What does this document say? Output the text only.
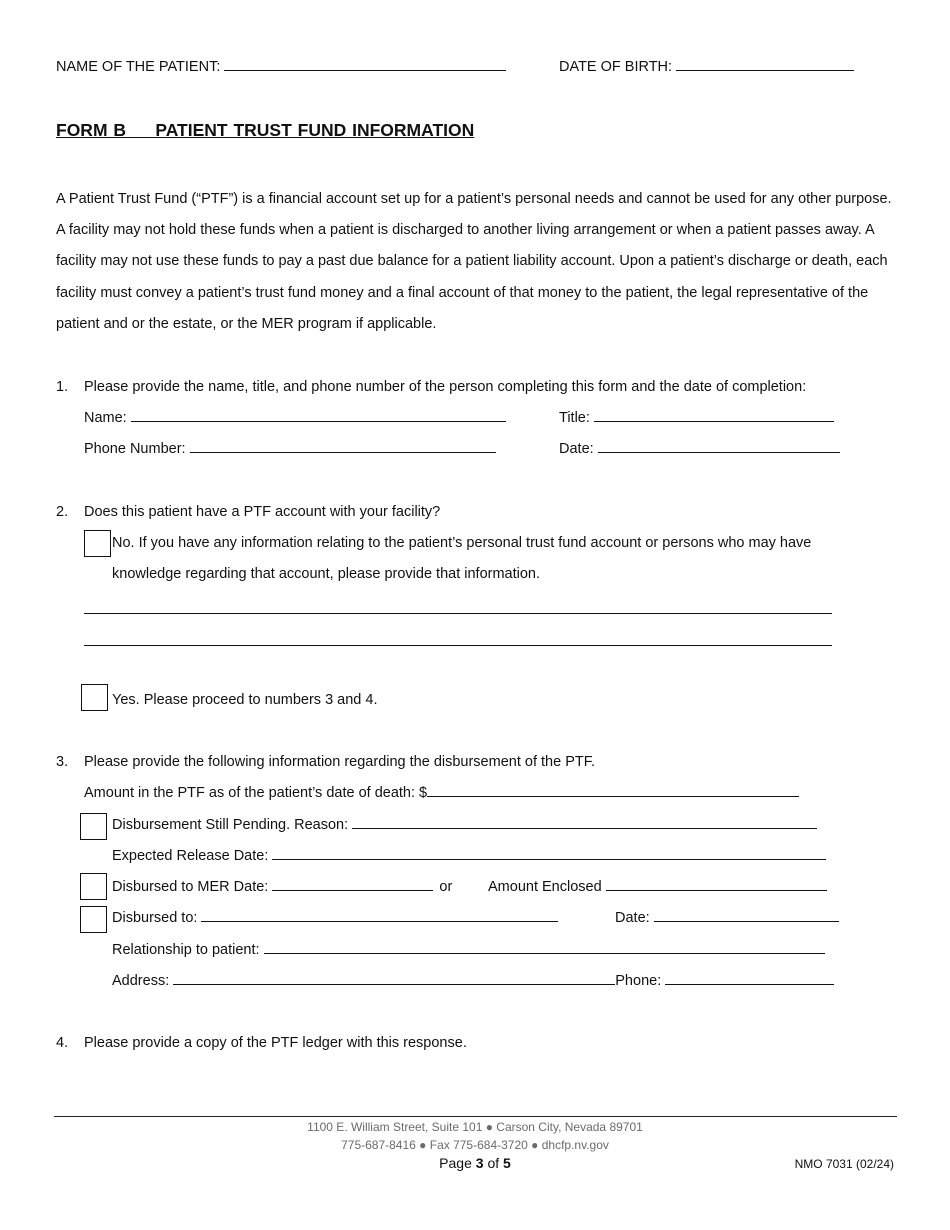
NAME OF THE PATIENT:	DATE OF BIRTH:
FORM B     PATIENT TRUST FUND INFORMATION
A Patient Trust Fund (“PTF”) is a financial account set up for a patient’s personal needs and cannot be used for any other purpose. A facility may not hold these funds when a patient is discharged to another living arrangement or when a patient passes away. A facility may not use these funds to pay a past due balance for a patient liability account. Upon a patient’s discharge or death, each facility must convey a patient’s trust fund money and a final account of that money to the patient, the legal representative of the patient and or the estate, or the MER program if applicable.
1. Please provide the name, title, and phone number of the person completing this form and the date of completion:
Name:	Title:
Phone Number:	Date:
2. Does this patient have a PTF account with your facility?
No. If you have any information relating to the patient’s personal trust fund account or persons who may have
knowledge regarding that account, please provide that information.
Yes. Please proceed to numbers 3 and 4.
3. Please provide the following information regarding the disbursement of the PTF.
Amount in the PTF as of the patient’s date of death: $
Disbursement Still Pending. Reason:
Expected Release Date:
Disbursed to MER Date:	or Amount Enclosed
Disbursed to:	Date:
Relationship to patient:
Address:	Phone:
4. Please provide a copy of the PTF ledger with this response.
1100 E. William Street, Suite 101 ● Carson City, Nevada 89701
775-687-8416 ● Fax 775-684-3720 ● dhcfp.nv.gov
Page 3 of 5	NMO 7031 (02/24)
